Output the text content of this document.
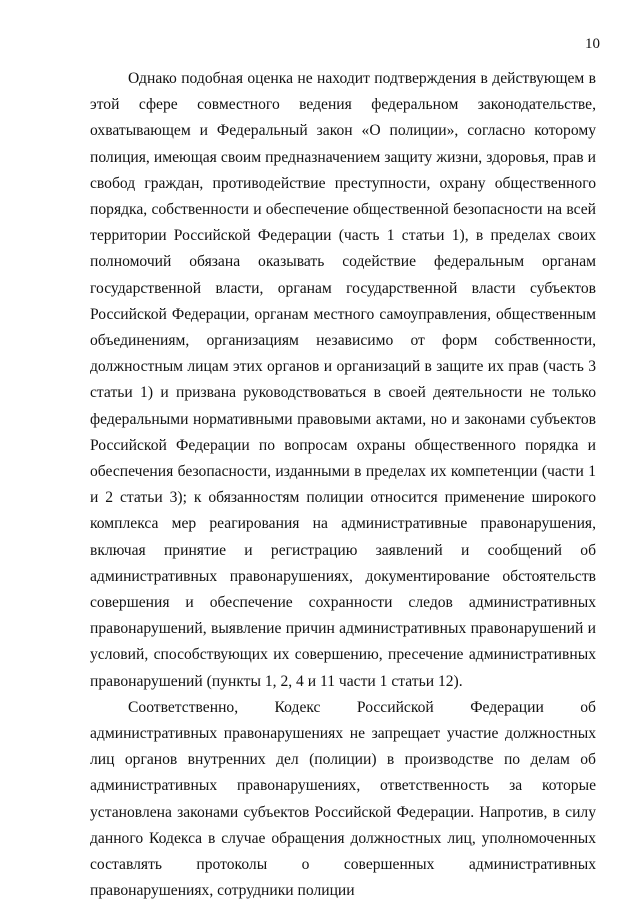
10

Однако подобная оценка не находит подтверждения в действующем в этой сфере совместного ведения федеральном законодательстве, охватывающем и Федеральный закон «О полиции», согласно которому полиция, имеющая своим предназначением защиту жизни, здоровья, прав и свобод граждан, противодействие преступности, охрану общественного порядка, собственности и обеспечение общественной безопасности на всей территории Российской Федерации (часть 1 статьи 1), в пределах своих полномочий обязана оказывать содействие федеральным органам государственной власти, органам государственной власти субъектов Российской Федерации, органам местного самоуправления, общественным объединениям, организациям независимо от форм собственности, должностным лицам этих органов и организаций в защите их прав (часть 3 статьи 1) и призвана руководствоваться в своей деятельности не только федеральными нормативными правовыми актами, но и законами субъектов Российской Федерации по вопросам охраны общественного порядка и обеспечения безопасности, изданными в пределах их компетенции (части 1 и 2 статьи 3); к обязанностям полиции относится применение широкого комплекса мер реагирования на административные правонарушения, включая принятие и регистрацию заявлений и сообщений об административных правонарушениях, документирование обстоятельств совершения и обеспечение сохранности следов административных правонарушений, выявление причин административных правонарушений и условий, способствующих их совершению, пресечение административных правонарушений (пункты 1, 2, 4 и 11 части 1 статьи 12).

Соответственно, Кодекс Российской Федерации об административных правонарушениях не запрещает участие должностных лиц органов внутренних дел (полиции) в производстве по делам об административных правонарушениях, ответственность за которые установлена законами субъектов Российской Федерации. Напротив, в силу данного Кодекса в случае обращения должностных лиц, уполномоченных составлять протоколы о совершенных административных правонарушениях, сотрудники полиции
